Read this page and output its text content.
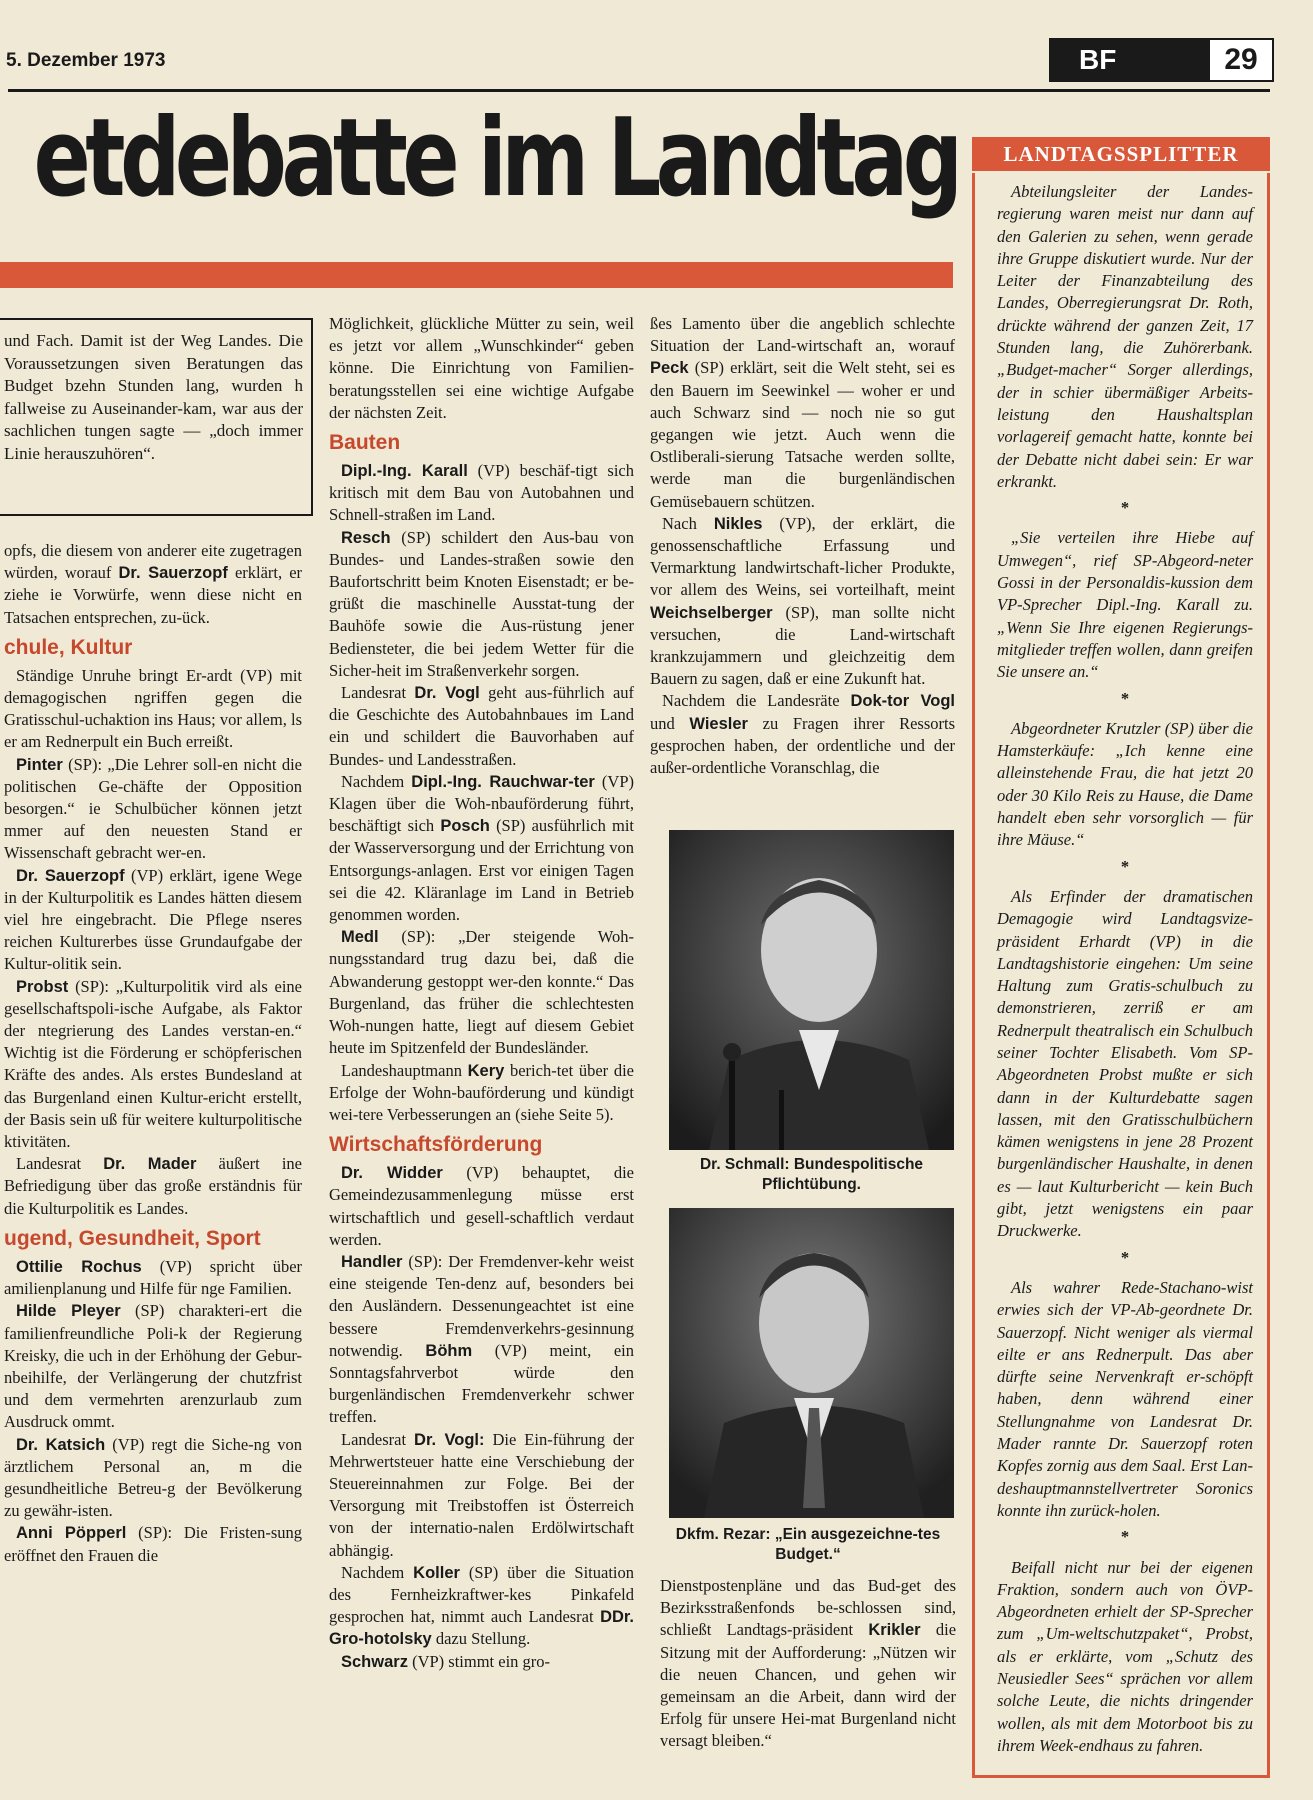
5. Dezember 1973	BF	29
etdebatte im Landtag
und Fach. Damit ist der Weg Landes. Die Voraussetzungen siven Beratungen das Budget bzehn Stunden lang, wurden h fallweise zu Auseinander-kam, war aus der sachlichen tungen sagte — „doch immer Linie herauszuhören“.

opfs, die diesem von anderer eite zugetragen würden, worauf Dr. Sauerzopf erklärt, er ziehe ie Vorwürfe, wenn diese nicht en Tatsachen entsprechen, zu-ück.

chule, Kultur

Ständige Unruhe bringt Er-ardt (VP) mit demagogischen ngriffen gegen die Gratisschul-uchaktion ins Haus; vor allem, ls er am Rednerpult ein Buch erreißt.

Pinter (SP): „Die Lehrer soll-en nicht die politischen Ge-chäfte der Opposition besorgen.“ ie Schulbücher können jetzt mmer auf den neuesten Stand er Wissenschaft gebracht wer-en.

Dr. Sauerzopf (VP) erklärt, igene Wege in der Kulturpolitik es Landes hätten diesem viel hre eingebracht. Die Pflege nseres reichen Kulturerbes üsse Grundaufgabe der Kultur-olitik sein.

Probst (SP): „Kulturpolitik vird als eine gesellschaftspoli-ische Aufgabe, als Faktor der ntegrierung des Landes verstan-en.“ Wichtig ist die Förderung er schöpferischen Kräfte des andes. Als erstes Bundesland at das Burgenland einen Kultur-ericht erstellt, der Basis sein uß für weitere kulturpolitische ktivitäten.

Landesrat Dr. Mader äußert ine Befriedigung über das große erständnis für die Kulturpolitik es Landes.

ugend, Gesundheit, Sport

Ottilie Rochus (VP) spricht über amilienplanung und Hilfe für nge Familien.

Hilde Pleyer (SP) charakteri-ert die familienfreundliche Poli-k der Regierung Kreisky, die uch in der Erhöhung der Gebur-nbeihilfe, der Verlängerung der chutzfrist und dem vermehrten arenzurlaub zum Ausdruck ommt.

Dr. Katsich (VP) regt die Siche-ng von ärztlichem Personal an, m die gesundheitliche Betreu-g der Bevölkerung zu gewähr-isten.

Anni Pöpperl (SP): Die Fristen-sung eröffnet den Frauen die

Möglichkeit, glückliche Mütter zu sein, weil es jetzt vor allem „Wunschkinder“ geben könne. Die Einrichtung von Familien-beratungsstellen sei eine wichtige Aufgabe der nächsten Zeit.

Bauten

Dipl.-Ing. Karall (VP) beschäf-tigt sich kritisch mit dem Bau von Autobahnen und Schnell-straßen im Land.

Resch (SP) schildert den Aus-bau von Bundes- und Landes-straßen sowie den Baufortschritt beim Knoten Eisenstadt; er be-grüßt die maschinelle Ausstat-tung der Bauhöfe sowie die Aus-rüstung jener Bediensteter, die bei jedem Wetter für die Sicher-heit im Straßenverkehr sorgen.

Landesrat Dr. Vogl geht aus-führlich auf die Geschichte des Autobahnbaues im Land ein und schildert die Bauvorhaben auf Bundes- und Landesstraßen.

Nachdem Dipl.-Ing. Rauchwar-ter (VP) Klagen über die Woh-nbauförderung führt, beschäftigt sich Posch (SP) ausführlich mit der Wasserversorgung und der Errichtung von Entsorgungs-anlagen. Erst vor einigen Tagen sei die 42. Kläranlage im Land in Betrieb genommen worden.

Medl (SP): „Der steigende Woh-nungsstandard trug dazu bei, daß die Abwanderung gestoppt wer-den konnte.“ Das Burgenland, das früher die schlechtesten Woh-nungen hatte, liegt auf diesem Gebiet heute im Spitzenfeld der Bundesländer.

Landeshauptmann Kery berich-tet über die Erfolge der Wohn-bauförderung und kündigt wei-tere Verbesserungen an (siehe Seite 5).

Wirtschaftsförderung

Dr. Widder (VP) behauptet, die Gemeindezusammenlegung müsse erst wirtschaftlich und gesell-schaftlich verdaut werden.

Handler (SP): Der Fremdenver-kehr weist eine steigende Ten-denz auf, besonders bei den Ausländern. Dessenungeachtet ist eine bessere Fremdenverkehrs-gesinnung notwendig. Böhm (VP) meint, ein Sonntagsfahrverbot würde den burgenländischen Fremdenverkehr schwer treffen.

Landesrat Dr. Vogl: Die Ein-führung der Mehrwertsteuer hatte eine Verschiebung der Steuereinnahmen zur Folge. Bei der Versorgung mit Treibstoffen ist Österreich von der internatio-nalen Erdölwirtschaft abhängig.

Nachdem Koller (SP) über die Situation des Fernheizkraftwer-kes Pinkafeld gesprochen hat, nimmt auch Landesrat DDr. Gro-hotolsky dazu Stellung.

Schwarz (VP) stimmt ein gro-

ßes Lamento über die angeblich schlechte Situation der Land-wirtschaft an, worauf Peck (SP) erklärt, seit die Welt steht, sei es den Bauern im Seewinkel — woher er und auch Schwarz sind — noch nie so gut gegangen wie jetzt. Auch wenn die Ostliberali-sierung Tatsache werden sollte, werde man die burgenländischen Gemüsebauern schützen.

Nach Nikles (VP), der erklärt, die genossenschaftliche Erfassung und Vermarktung landwirtschaft-licher Produkte, vor allem des Weins, sei vorteilhaft, meint Weichselberger (SP), man sollte nicht versuchen, die Land-wirtschaft krankzujammern und gleichzeitig dem Bauern zu sagen, daß er eine Zukunft hat.

Nachdem die Landesräte Dok-tor Vogl und Wiesler zu Fragen ihrer Ressorts gesprochen haben, der ordentliche und der außer-ordentliche Voranschlag, die

Dr. Schmall: Bundespolitische Pflichtübung.
Dkfm. Rezar: „Ein ausgezeichne-tes Budget.“

Dienstpostenpläne und das Bud-get des Bezirksstraßenfonds be-schlossen sind, schließt Landtags-präsident Krikler die Sitzung mit der Aufforderung: „Nützen wir die neuen Chancen, und gehen wir gemeinsam an die Arbeit, dann wird der Erfolg für unsere Hei-mat Burgenland nicht versagt bleiben.“

LANDTAGSSPLITTER

Abteilungsleiter der Landes-regierung waren meist nur dann auf den Galerien zu sehen, wenn gerade ihre Gruppe diskutiert wurde. Nur der Leiter der Finanzabteilung des Landes, Oberregierungsrat Dr. Roth, drückte während der ganzen Zeit, 17 Stunden lang, die Zuhörerbank. „Budget-macher“ Sorger allerdings, der in schier übermäßiger Arbeits-leistung den Haushaltsplan vorlagereif gemacht hatte, konnte bei der Debatte nicht dabei sein: Er war erkrankt.

*

„Sie verteilen ihre Hiebe auf Umwegen“, rief SP-Abgeord-neter Gossi in der Personaldis-kussion dem VP-Sprecher Dipl.-Ing. Karall zu. „Wenn Sie Ihre eigenen Regierungs-mitglieder treffen wollen, dann greifen Sie unsere an.“

*

Abgeordneter Krutzler (SP) über die Hamsterkäufe: „Ich kenne eine alleinstehende Frau, die hat jetzt 20 oder 30 Kilo Reis zu Hause, die Dame handelt eben sehr vorsorglich — für ihre Mäuse.“

*

Als Erfinder der dramatischen Demagogie wird Landtagsvize-präsident Erhardt (VP) in die Landtagshistorie eingehen: Um seine Haltung zum Gratis-schulbuch zu demonstrieren, zerriß er am Rednerpult theatralisch ein Schulbuch seiner Tochter Elisabeth. Vom SP-Abgeordneten Probst mußte er sich dann in der Kulturdebatte sagen lassen, mit den Gratisschulbüchern kämen wenigstens in jene 28 Prozent burgenländischer Haushalte, in denen es — laut Kulturbericht — kein Buch gibt, jetzt wenigstens ein paar Druckwerke.

*

Als wahrer Rede-Stachano-wist erwies sich der VP-Ab-geordnete Dr. Sauerzopf. Nicht weniger als viermal eilte er ans Rednerpult. Das aber dürfte seine Nervenkraft er-schöpft haben, denn während einer Stellungnahme von Landesrat Dr. Mader rannte Dr. Sauerzopf roten Kopfes zornig aus dem Saal. Erst Lan-deshauptmannstellvertreter Soronics konnte ihn zurück-holen.

*

Beifall nicht nur bei der eigenen Fraktion, sondern auch von ÖVP-Abgeordneten erhielt der SP-Sprecher zum „Um-weltschutzpaket“, Probst, als er erklärte, vom „Schutz des Neusiedler Sees“ sprächen vor allem solche Leute, die nichts dringender wollen, als mit dem Motorboot bis zu ihrem Week-endhaus zu fahren.
